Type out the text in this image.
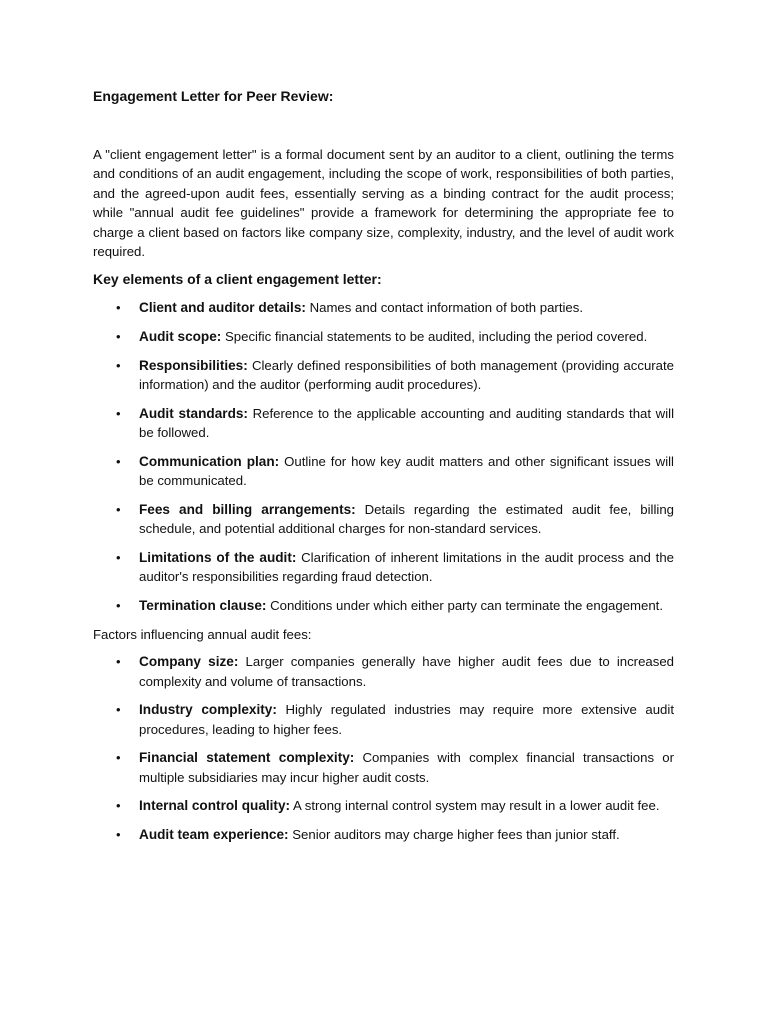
Engagement Letter for Peer Review:

A "client engagement letter" is a formal document sent by an auditor to a client, outlining the terms and conditions of an audit engagement, including the scope of work, responsibilities of both parties, and the agreed-upon audit fees, essentially serving as a binding contract for the audit process; while "annual audit fee guidelines" provide a framework for determining the appropriate fee to charge a client based on factors like company size, complexity, industry, and the level of audit work required.

Key elements of a client engagement letter:
• Client and auditor details: Names and contact information of both parties.
• Audit scope: Specific financial statements to be audited, including the period covered.
• Responsibilities: Clearly defined responsibilities of both management (providing accurate information) and the auditor (performing audit procedures).
• Audit standards: Reference to the applicable accounting and auditing standards that will be followed.
• Communication plan: Outline for how key audit matters and other significant issues will be communicated.
• Fees and billing arrangements: Details regarding the estimated audit fee, billing schedule, and potential additional charges for non-standard services.
• Limitations of the audit: Clarification of inherent limitations in the audit process and the auditor's responsibilities regarding fraud detection.
• Termination clause: Conditions under which either party can terminate the engagement.
Factors influencing annual audit fees:
• Company size: Larger companies generally have higher audit fees due to increased complexity and volume of transactions.
• Industry complexity: Highly regulated industries may require more extensive audit procedures, leading to higher fees.
• Financial statement complexity: Companies with complex financial transactions or multiple subsidiaries may incur higher audit costs.
• Internal control quality: A strong internal control system may result in a lower audit fee.
• Audit team experience: Senior auditors may charge higher fees than junior staff.
